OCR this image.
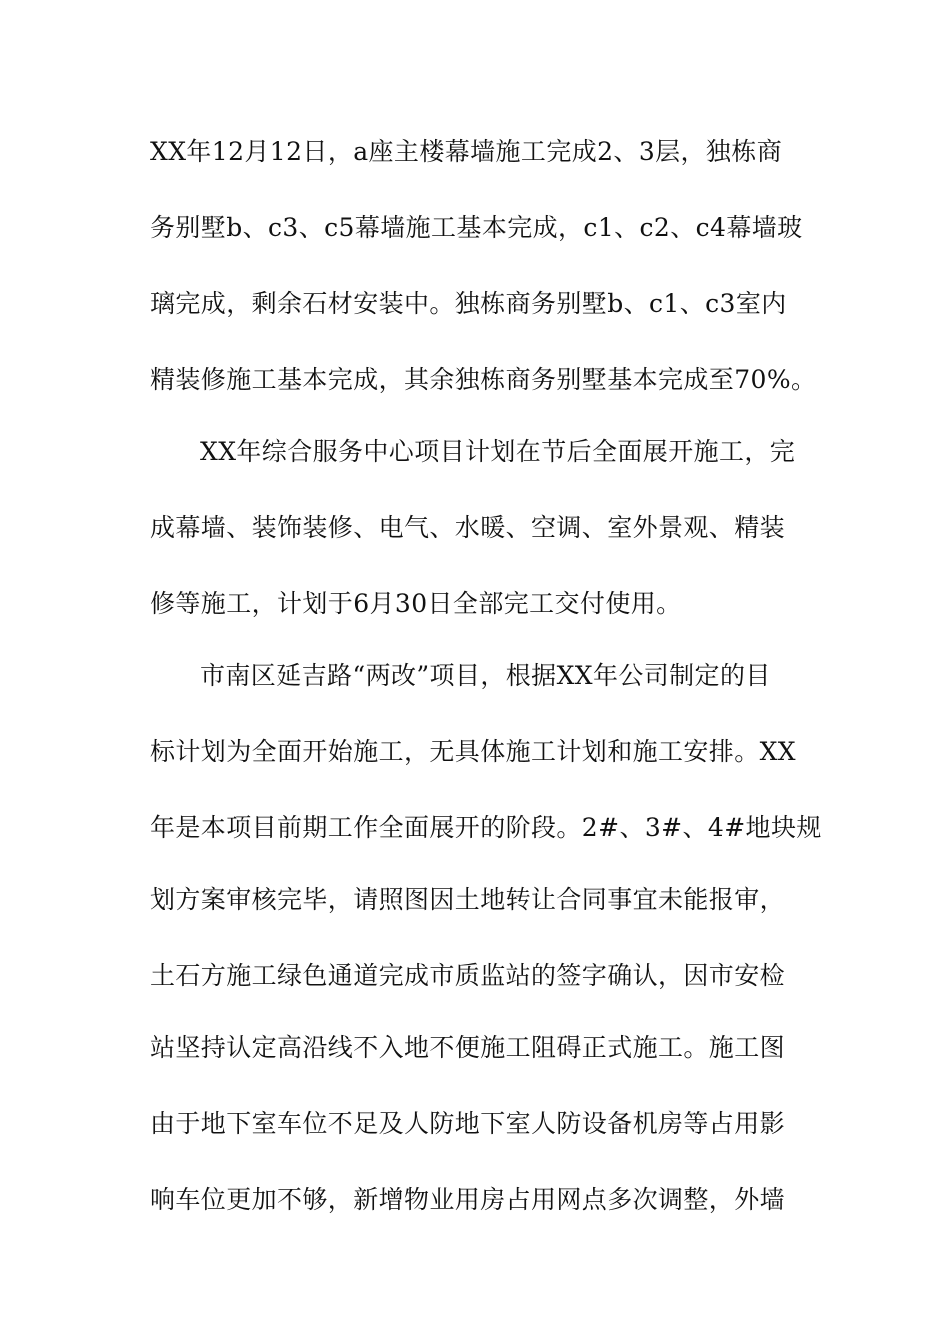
XX年12月12日，a座主楼幕墙施工完成2、3层，独栋商
务别墅b、c3、c5幕墙施工基本完成，c1、c2、c4幕墙玻
璃完成，剩余石材安装中。独栋商务别墅b、c1、c3室内
精装修施工基本完成，其余独栋商务别墅基本完成至70%。
XX年综合服务中心项目计划在节后全面展开施工，完
成幕墙、装饰装修、电气、水暖、空调、室外景观、精装
修等施工，计划于6月30日全部完工交付使用。
市南区延吉路“两改”项目，根据XX年公司制定的目
标计划为全面开始施工，无具体施工计划和施工安排。XX
年是本项目前期工作全面展开的阶段。2#、3#、4#地块规
划方案审核完毕，请照图因土地转让合同事宜未能报审，
土石方施工绿色通道完成市质监站的签字确认，因市安检
站坚持认定高沿线不入地不便施工阻碍正式施工。施工图
由于地下室车位不足及人防地下室人防设备机房等占用影
响车位更加不够，新增物业用房占用网点多次调整，外墙
